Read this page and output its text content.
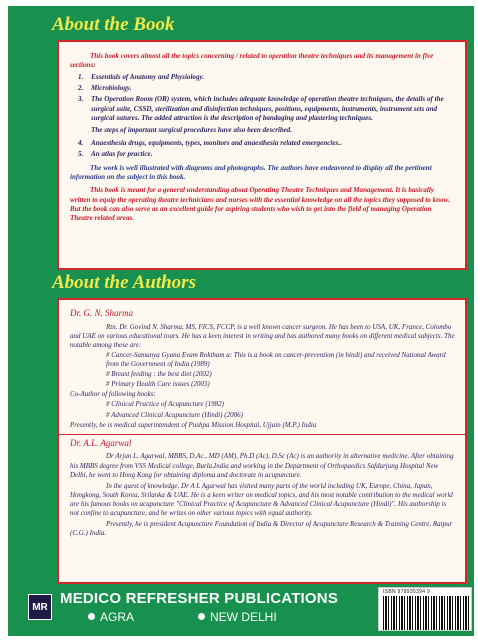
About the Book

This book covers almost all the topics concerning / related to operation theatre techniques and its management in five sections:

1. Essentials of Anatomy and Physiology.
2. Microbiology.
3. The Operation Room (OR) system, which includes adequate knowledge of operation theatre techniques, the details of the surgical suite, CSSD, sterilization and disinfection techniques, positions, equipments, instruments, instrument sets and surgical sutures. The added attraction is the description of bandaging and plastering techniques.

The steps of important surgical procedures have also been described.

4. Anaesthesia drugs, equipments, types, monitors and anaesthesia related emergencies..
5. An atlas for practice.

The work is well illustrated with diagrams and photographs. The authors have endeavored to display all the pertinent information on the subject in this book.

This book is meant for a general understanding about Operating Theatre Techniques and Management. It is basically written to equip the operating theatre technicians and nurses with the essential knowledge on all the topics they supposed to know. But the book can also serve as an excellent guide for aspiring students who wish to get into the field of managing Operation Theatre related areas.

About the Authors
Dr. G. N. Sharma

Rtn. Dr. Govind N. Sharma, MS, FICS, FCCP, is a well known cancer surgeon. He has been to USA, UK, France, Colombo and UAE on various educational tours. He has a keen interest in writing and has authored many books on different medical subjects. The notable among these are:

# Cancer-Samanya Gyana Evam Roktham a: This is a book on cancer-prevention (in hindi) and received National Award from the Government of India (1989)

# Breast feeding : the best diet (2002)

# Primary Health Care issues (2003)

Co-Author of following books:

# Clinical Practice of Acupuncture (1982)

# Advanced Clinical Acupuncture (Hindi) (2006)

Presently, he is medical superintendent of Pushpa Mission Hospital, Ujjain (M.P.) India

Dr. A.L. Agarwal

Dr Arjun L. Agarwal, MBBS, D.Ac., MD (AM), Ph.D (Ac), D.Sc (Ac) is an authority in alternative medicine. After obtaining his MBBS degree from VSS Medical college, Burla,India and working in the Department of Orthopaedics Safdarjung Hospital New Delhi, he went to Hong Kong for obtaining diploma and doctorate in acupuncture.

In the quest of knowledge, Dr A L Agarwal has visited many parts of the world including UK, Europe, China, Japan, Hongkong, South Korea, Srilanka & UAE. He is a keen writer on medical topics, and his most notable contribution to the medical world are his famous books on acupuncture "Clinical Practice of Acupuncture & Advanced Clinical Acupuncture (Hindi)". His authorship is not confine to acupuncture, and he writes on other various topics with equal authority.

Presently, he is president Acupuncture Foundation of India & Director of Acupuncture Research & Training Centre, Raipur (C.G.) India.

MR MEDICO REFRESHER PUBLICATIONS
AGRA	NEW DELHI
ISBN 978935394 9
